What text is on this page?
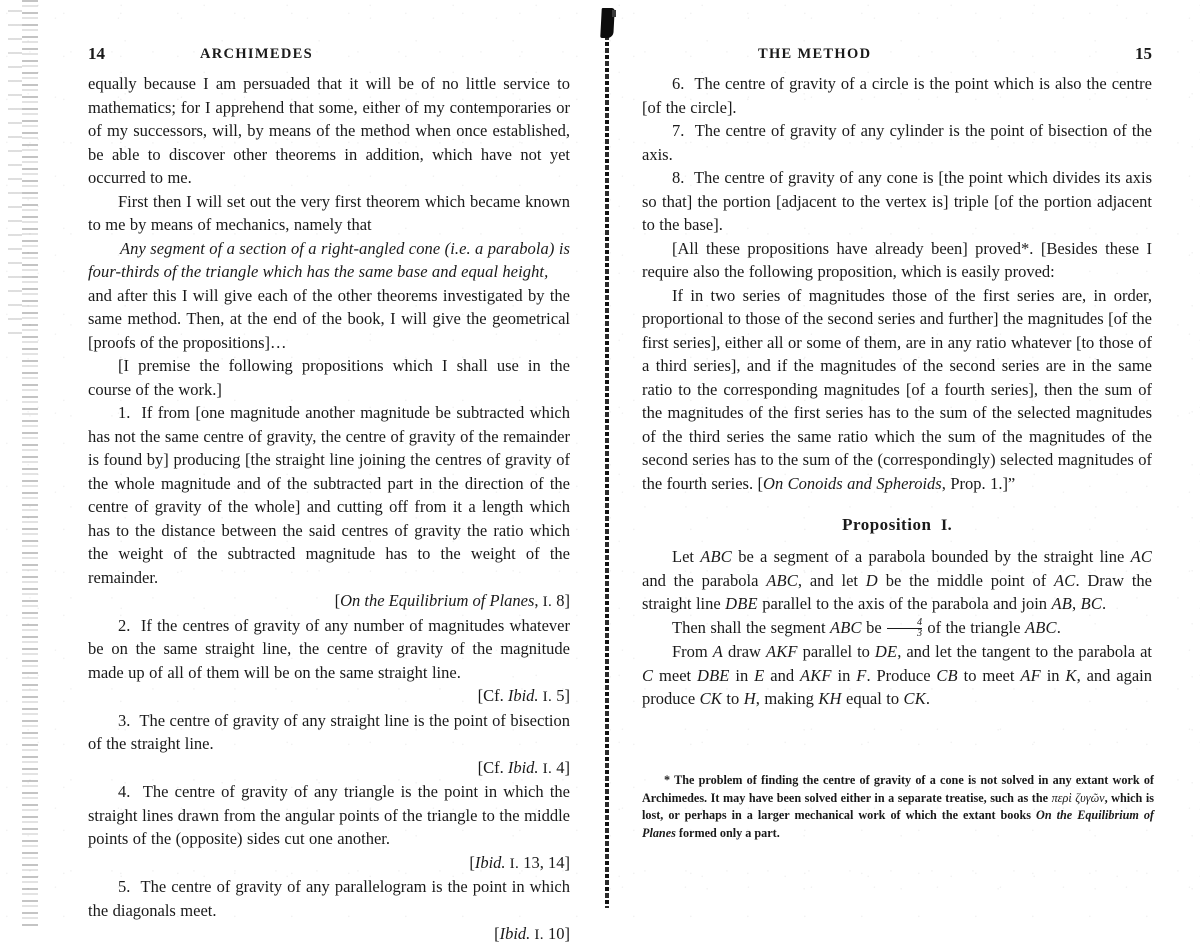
14	ARCHIMEDES

equally because I am persuaded that it will be of no little service to mathematics; for I apprehend that some, either of my contemporaries or of my successors, will, by means of the method when once established, be able to discover other theorems in addition, which have not yet occurred to me.

First then I will set out the very first theorem which became known to me by means of mechanics, namely that

Any segment of a section of a right-angled cone (i.e. a parabola) is four-thirds of the triangle which has the same base and equal height,

and after this I will give each of the other theorems investigated by the same method. Then, at the end of the book, I will give the geometrical [proofs of the propositions]…

[I premise the following propositions which I shall use in the course of the work.]

1. If from [one magnitude another magnitude be subtracted which has not the same centre of gravity, the centre of gravity of the remainder is found by] producing [the straight line joining the centres of gravity of the whole magnitude and of the subtracted part in the direction of the centre of gravity of the whole] and cutting off from it a length which has to the distance between the said centres of gravity the ratio which the weight of the subtracted magnitude has to the weight of the remainder.

[On the Equilibrium of Planes, I. 8]

2. If the centres of gravity of any number of magnitudes whatever be on the same straight line, the centre of gravity of the magnitude made up of all of them will be on the same straight line.

[Cf. Ibid. I. 5]

3. The centre of gravity of any straight line is the point of bisection of the straight line.

[Cf. Ibid. I. 4]

4. The centre of gravity of any triangle is the point in which the straight lines drawn from the angular points of the triangle to the middle points of the (opposite) sides cut one another.

[Ibid. I. 13, 14]

5. The centre of gravity of any parallelogram is the point in which the diagonals meet.

[Ibid. I. 10]

THE METHOD	15

6. The centre of gravity of a circle is the point which is also the centre [of the circle].

7. The centre of gravity of any cylinder is the point of bisection of the axis.

8. The centre of gravity of any cone is [the point which divides its axis so that] the portion [adjacent to the vertex is] triple [of the portion adjacent to the base].

[All these propositions have already been] proved*. [Besides these I require also the following proposition, which is easily proved:

If in two series of magnitudes those of the first series are, in order, proportional to those of the second series and further] the magnitudes [of the first series], either all or some of them, are in any ratio whatever [to those of a third series], and if the magnitudes of the second series are in the same ratio to the corresponding magnitudes [of a fourth series], then the sum of the magnitudes of the first series has to the sum of the selected magnitudes of the third series the same ratio which the sum of the magnitudes of the second series has to the sum of the (correspondingly) selected magnitudes of the fourth series. [On Conoids and Spheroids, Prop. 1.]”

Proposition I.

Let ABC be a segment of a parabola bounded by the straight line AC and the parabola ABC, and let D be the middle point of AC. Draw the straight line DBE parallel to the axis of the parabola and join AB, BC.

Then shall the segment ABC be $\frac{4}{3}$ of the triangle ABC.

From A draw AKF parallel to DE, and let the tangent to the parabola at C meet DBE in E and AKF in F. Produce CB to meet AF in K, and again produce CK to H, making KH equal to CK.

* The problem of finding the centre of gravity of a cone is not solved in any extant work of Archimedes. It may have been solved either in a separate treatise, such as the περὶ ζυγῶν, which is lost, or perhaps in a larger mechanical work of which the extant books On the Equilibrium of Planes formed only a part.
